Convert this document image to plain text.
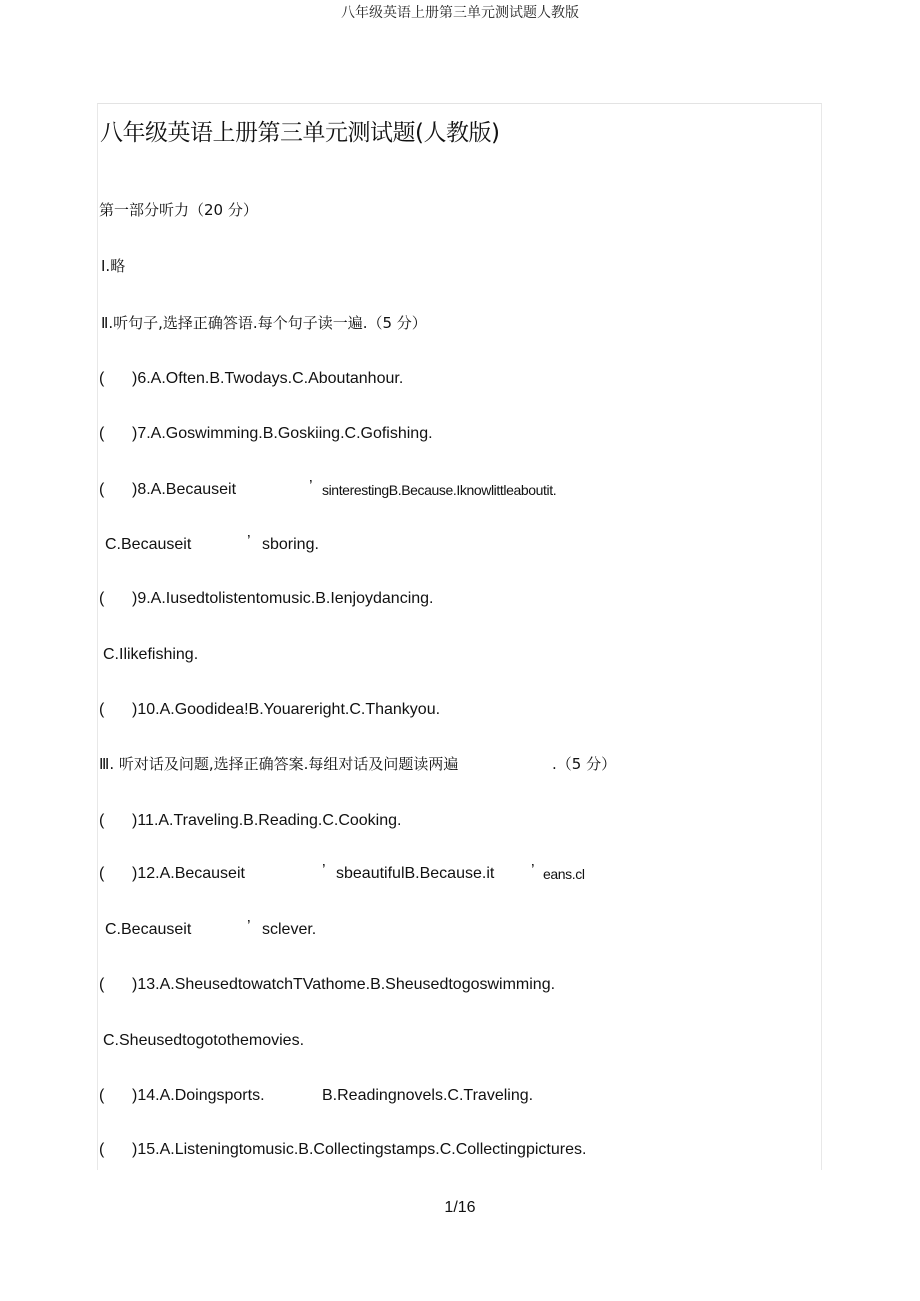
八年级英语上册第三单元测试题人教版
八年级英语上册第三单元测试题(人教版)
第一部分听力（20 分）
Ⅰ.略
Ⅱ.听句子,选择正确答语.每个句子读一遍.（5 分）
( )6.A.Often.B.Twodays.C.Aboutanhour.
( )7.A.Goswimming.B.Goskiing.C.Gofishing.
( )8.A.Becauseit	’ sinterestingB.Because.Iknowlittleaboutit.
C.Becauseit	’ sboring.
( )9.A.Iusedtolistentomusic.B.Ienjoydancing.
C.Ilikefishing.
( )10.A.Goodidea!B.Youareright.C.Thankyou.
Ⅲ. 听对话及问题,选择正确答案.每组对话及问题读两遍	.（5 分）
( )11.A.Traveling.B.Reading.C.Cooking.
( )12.A.Becauseit	’ sbeautifulB.Because.it ’ eans.cl
C.Becauseit	’ sclever.
( )13.A.SheusedtowatchTVathome.B.Sheusedtogoswimming.
C.Sheusedtogotothemovies.
( )14.A.Doingsports.	B.Readingnovels.C.Traveling.
( )15.A.Listeningtomusic.B.Collectingstamps.C.Collectingpictures.
1/16
